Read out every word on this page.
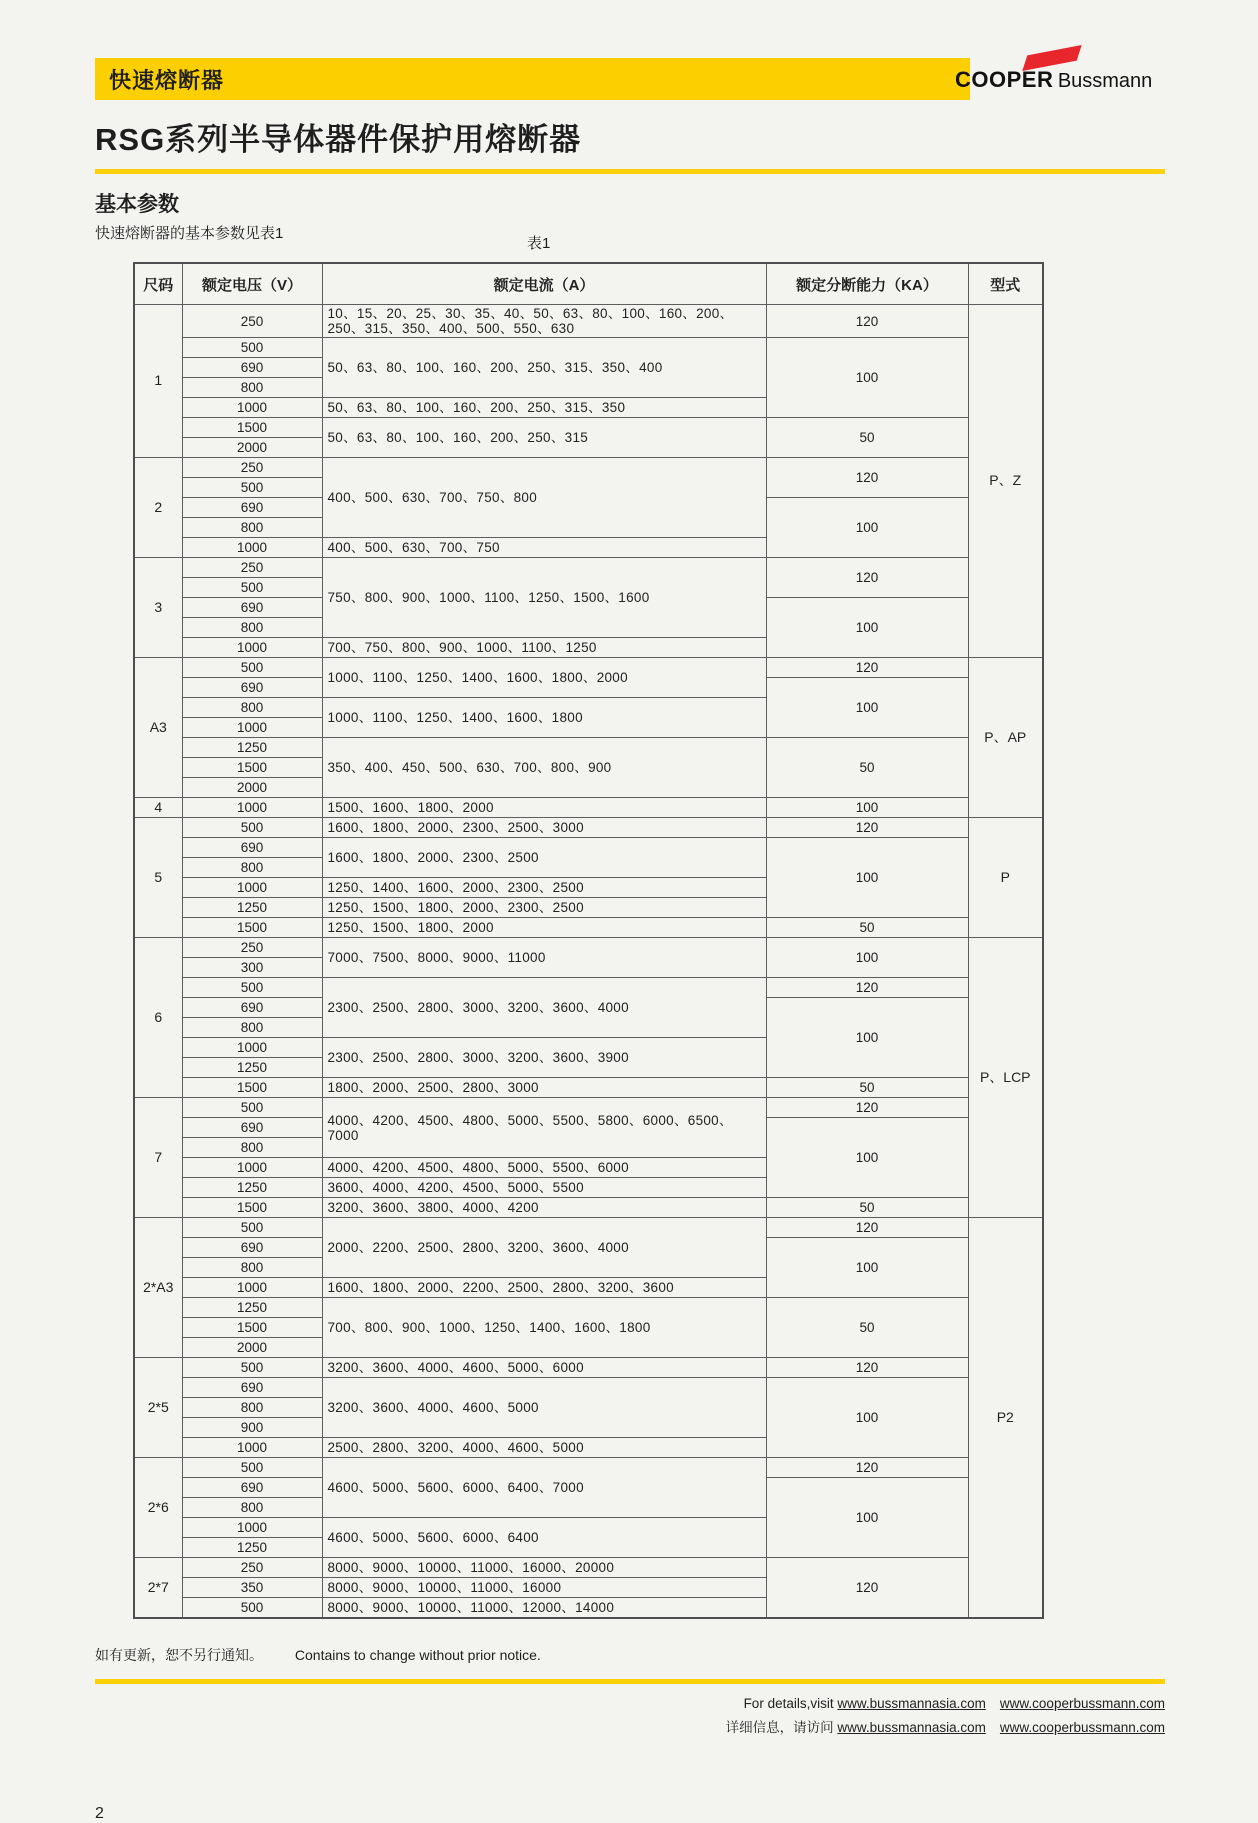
COOPER Bussmann
快速熔断器
RSG系列半导体器件保护用熔断器
基本参数
快速熔断器的基本参数见表1
表1
尺码	额定电压（V）	额定电流（A）	额定分断能力（KA）	型式
1	250	10、15、20、25、30、35、40、50、63、80、100、160、200、250、315、350、400、500、550、630	120	P、Z
	500	50、63、80、100、160、200、250、315、350、400	100	
	690			
	800			
	1000	50、63、80、100、160、200、250、315、350		
	1500	50、63、80、100、160、200、250、315	50	
	2000			
2	250	400、500、630、700、750、800	120	
	500			
	690		100	
	800			
	1000	400、500、630、700、750		
3	250	750、800、900、1000、1100、1250、1500、1600	120	
	500			
	690		100	
	800			
	1000	700、750、800、900、1000、1100、1250		
A3	500	1000、1100、1250、1400、1600、1800、2000	120	P、AP
	690		100	
	800	1000、1100、1250、1400、1600、1800		
	1000			
	1250	350、400、450、500、630、700、800、900	50	
	1500			
	2000			
4	1000	1500、1600、1800、2000	100	
5	500	1600、1800、2000、2300、2500、3000	120	P
	690	1600、1800、2000、2300、2500	100	
	800			
	1000	1250、1400、1600、2000、2300、2500		
	1250	1250、1500、1800、2000、2300、2500		
	1500	1250、1500、1800、2000	50	
6	250	7000、7500、8000、9000、11000	100	P、LCP
	300			
	500	2300、2500、2800、3000、3200、3600、4000	120	
	690		100	
	800			
	1000	2300、2500、2800、3000、3200、3600、3900		
	1250			
	1500	1800、2000、2500、2800、3000	50	
7	500	4000、4200、4500、4800、5000、5500、5800、6000、6500、7000	120	
	690		100	
	800			
	1000	4000、4200、4500、4800、5000、5500、6000		
	1250	3600、4000、4200、4500、5000、5500		
	1500	3200、3600、3800、4000、4200	50	
2*A3	500	2000、2200、2500、2800、3200、3600、4000	120	P2
	690		100	
	800			
	1000	1600、1800、2000、2200、2500、2800、3200、3600		
	1250	700、800、900、1000、1250、1400、1600、1800	50	
	1500			
	2000			
2*5	500	3200、3600、4000、4600、5000、6000	120	
	690	3200、3600、4000、4600、5000	100	
	800			
	900			
	1000	2500、2800、3200、4000、4600、5000		
2*6	500	4600、5000、5600、6000、6400、7000	120	
	690		100	
	800			
	1000	4600、5000、5600、6000、6400		
	1250			
2*7	250	8000、9000、10000、11000、16000、20000	120	
	350	8000、9000、10000、11000、16000		
	500	8000、9000、10000、11000、12000、14000		
如有更新，恕不另行通知。 Contains to change without prior notice.
For details,visit www.bussmannasia.com www.cooperbussmann.com
详细信息，请访问 www.bussmannasia.com www.cooperbussmann.com
2
